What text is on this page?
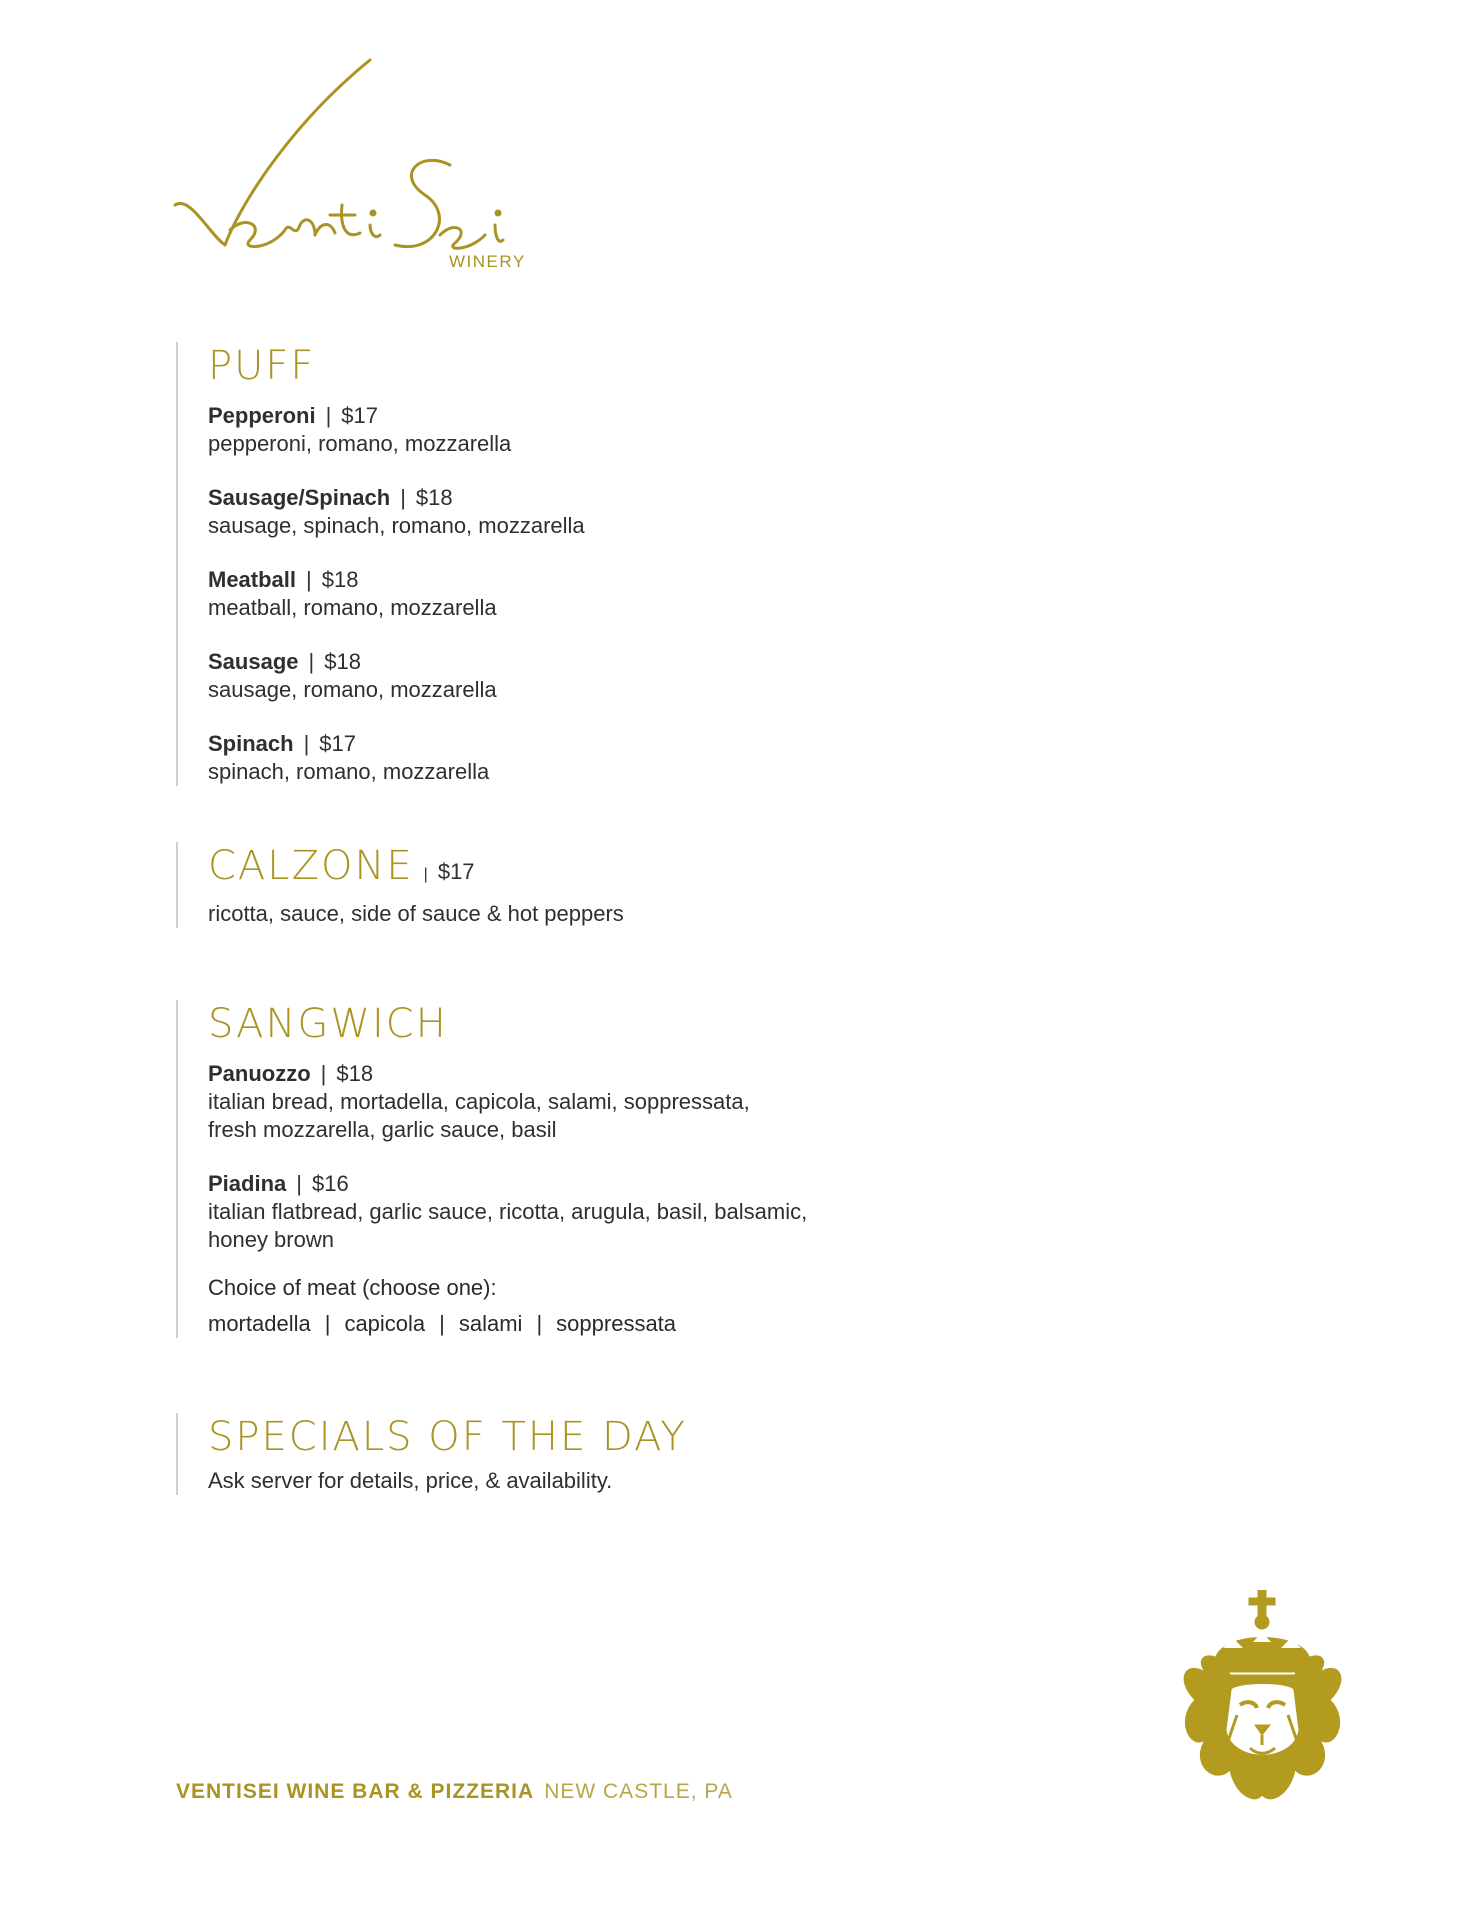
WINERY
PUFF
Pepperoni | $17
pepperoni, romano, mozzarella
Sausage/Spinach | $18
sausage, spinach, romano, mozzarella
Meatball | $18
meatball, romano, mozzarella
Sausage | $18
sausage, romano, mozzarella
Spinach | $17
spinach, romano, mozzarella
CALZONE | $17
ricotta, sauce, side of sauce & hot peppers
SANGWICH
Panuozzo | $18
italian bread, mortadella, capicola, salami, soppressata,
fresh mozzarella, garlic sauce, basil
Piadina | $16
italian flatbread, garlic sauce, ricotta, arugula, basil, balsamic,
honey brown
Choice of meat (choose one):
mortadella | capicola | salami | soppressata
SPECIALS OF THE DAY
Ask server for details, price, & availability.
VENTISEI WINE BAR & PIZZERIA NEW CASTLE, PA
